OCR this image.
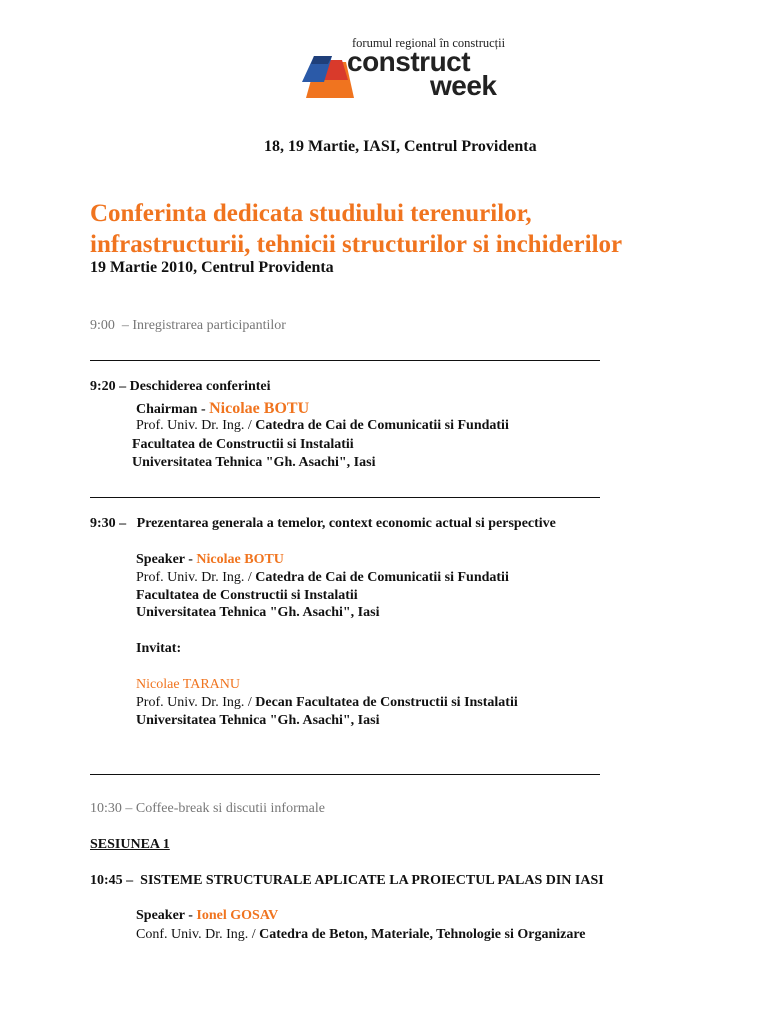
forumul regional în construcții
construct
week
18, 19 Martie, IASI, Centrul Providenta
Conferinta dedicata studiului terenurilor,
infrastructurii, tehnicii structurilor si inchiderilor
19 Martie 2010, Centrul Providenta
9:00 – Inregistrarea participantilor
9:20 – Deschiderea conferintei
Chairman - Nicolae BOTU
Prof. Univ. Dr. Ing. / Catedra de Cai de Comunicatii si Fundatii
Facultatea de Constructii si Instalatii
Universitatea Tehnica "Gh. Asachi", Iasi
9:30 – Prezentarea generala a temelor, context economic actual si perspective
Speaker - Nicolae BOTU
Prof. Univ. Dr. Ing. / Catedra de Cai de Comunicatii si Fundatii
Facultatea de Constructii si Instalatii
Universitatea Tehnica "Gh. Asachi", Iasi
Invitat:
Nicolae TARANU
Prof. Univ. Dr. Ing. / Decan Facultatea de Constructii si Instalatii
Universitatea Tehnica "Gh. Asachi", Iasi
10:30 – Coffee-break si discutii informale
SESIUNEA 1
10:45 – SISTEME STRUCTURALE APLICATE LA PROIECTUL PALAS DIN IASI
Speaker - Ionel GOSAV
Conf. Univ. Dr. Ing. / Catedra de Beton, Materiale, Tehnologie si Organizare
